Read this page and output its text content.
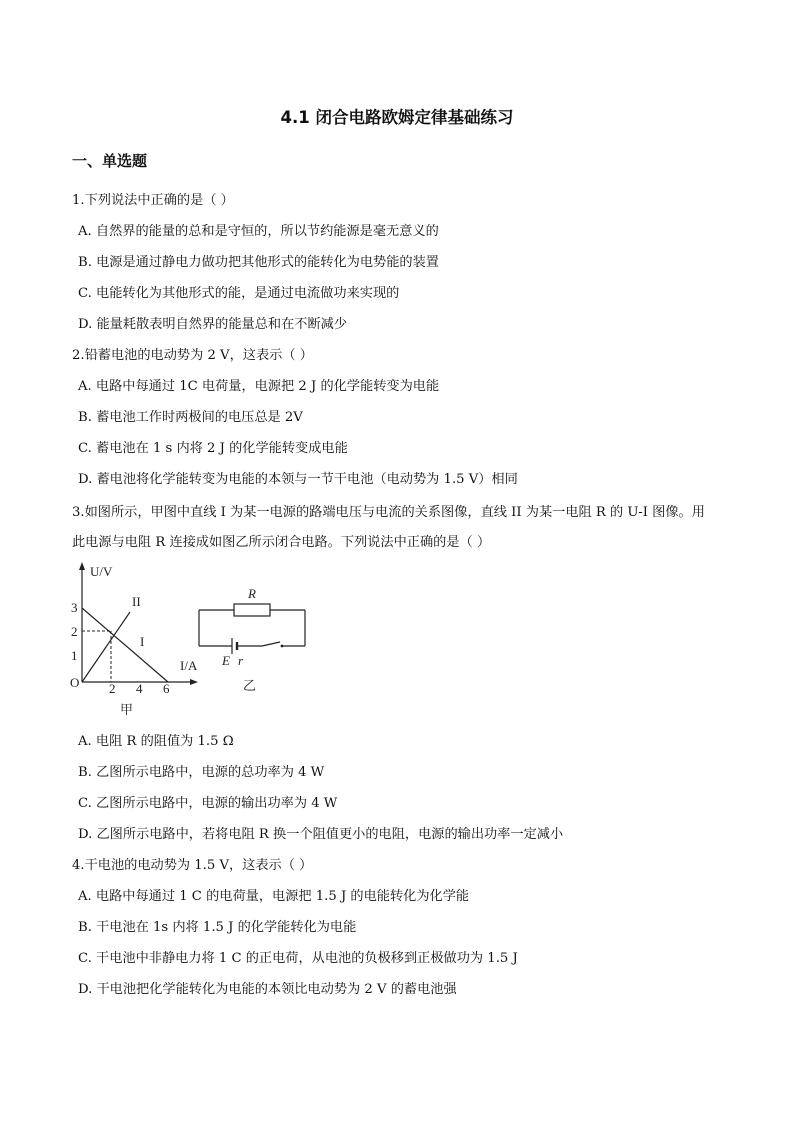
4.1 闭合电路欧姆定律基础练习
一、单选题
1.下列说法中正确的是（ ）
A. 自然界的能量的总和是守恒的，所以节约能源是毫无意义的
B. 电源是通过静电力做功把其他形式的能转化为电势能的装置
C. 电能转化为其他形式的能，是通过电流做功来实现的
D. 能量耗散表明自然界的能量总和在不断减少
2.铅蓄电池的电动势为 2 V，这表示（ ）
A. 电路中每通过 1C 电荷量，电源把 2 J 的化学能转变为电能
B. 蓄电池工作时两极间的电压总是 2V
C. 蓄电池在 1 s 内将 2 J 的化学能转变成电能
D. 蓄电池将化学能转变为电能的本领与一节干电池（电动势为 1.5 V）相同
3.如图所示，甲图中直线 I 为某一电源的路端电压与电流的关系图像，直线 II 为某一电阻 R 的 U-I 图像。用
此电源与电阻 R 连接成如图乙所示闭合电路。下列说法中正确的是（ ）
U/V
I/A
O
3
2
1
2 4 6
II
I
甲
R
E r
乙
A. 电阻 R 的阻值为 1.5 Ω
B. 乙图所示电路中，电源的总功率为 4 W
C. 乙图所示电路中，电源的输出功率为 4 W
D. 乙图所示电路中，若将电阻 R 换一个阻值更小的电阻，电源的输出功率一定减小
4.干电池的电动势为 1.5 V，这表示（ ）
A. 电路中每通过 1 C 的电荷量，电源把 1.5 J 的电能转化为化学能
B. 干电池在 1s 内将 1.5 J 的化学能转化为电能
C. 干电池中非静电力将 1 C 的正电荷，从电池的负极移到正极做功为 1.5 J
D. 干电池把化学能转化为电能的本领比电动势为 2 V 的蓄电池强
